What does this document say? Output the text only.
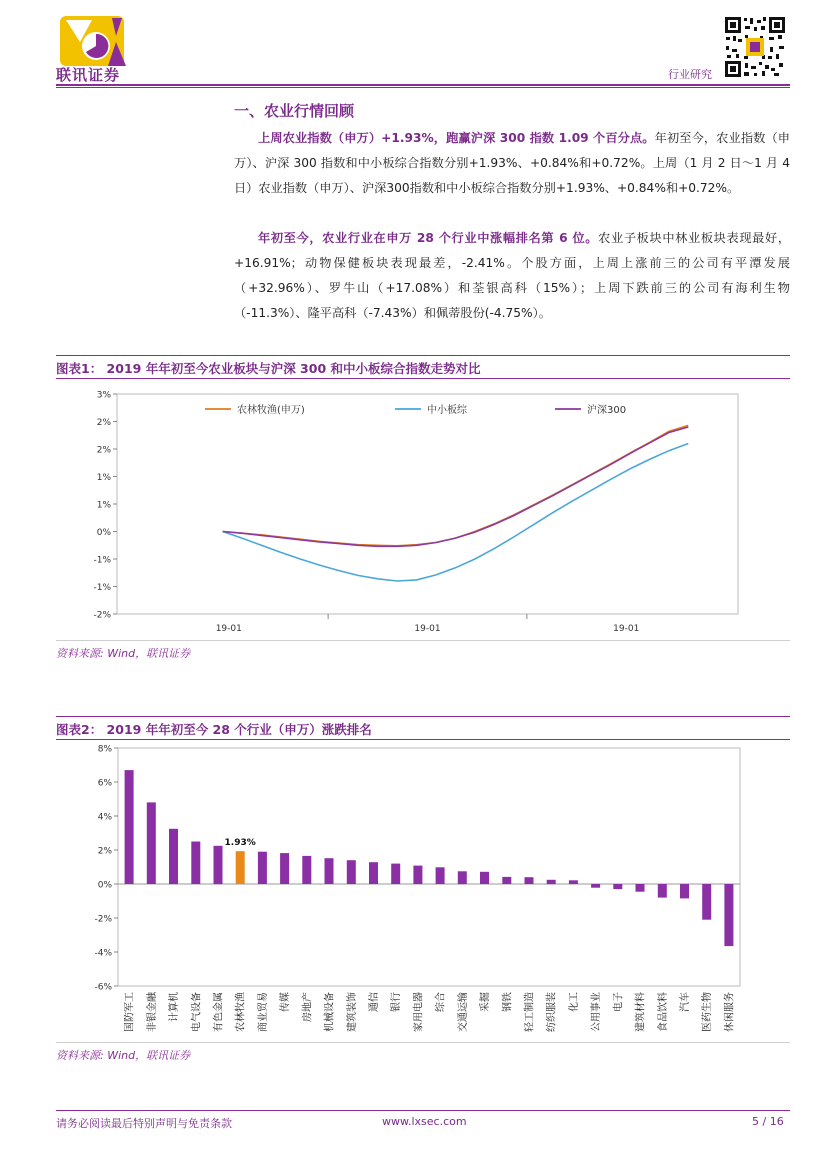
联讯证券	行业研究
一、农业行情回顾
上周农业指数（申万）+1.93%，跑赢沪深 300 指数 1.09 个百分点。年初至今，农业指数（申万）、沪深 300 指数和中小板综合指数分别+1.93%、+0.84%和+0.72%。上周（1 月 2 日～1 月 4 日）农业指数（申万）、沪深300指数和中小板综合指数分别+1.93%、+0.84%和+0.72%。
年初至今，农业行业在申万 28 个行业中涨幅排名第 6 位。农业子板块中林业板块表现最好，+16.91%；动物保健板块表现最差，-2.41%。个股方面，上周上涨前三的公司有平潭发展（+32.96%）、罗牛山（+17.08%）和荃银高科（15%）；上周下跌前三的公司有海利生物（-11.3%）、隆平高科（-7.43%）和佩蒂股份(-4.75%）。
图表1： 2019 年年初至今农业板块与沪深 300 和中小板综合指数走势对比
3%
2%
2%
1%
1%
0%
-1%
-1%
-2%
19-01	19-01	19-01
农林牧渔(申万)	中小板综	沪深300
资料来源: Wind，联讯证券
图表2： 2019 年年初至今 28 个行业（申万）涨跌排名
8%
6%
4%
2%
0%
-2%
-4%
-6%
国防军工 非银金融 计算机 电气设备 有色金属
1.93%
农林牧渔 商业贸易 传媒 房地产 机械设备 建筑装饰 通信 银行 家用电器 综合 交通运输 采掘 钢铁 轻工制造 纺织服装 化工 公用事业 电子 建筑材料 食品饮料 汽车 医药生物 休闲服务
资料来源: Wind，联讯证券
请务必阅读最后特别声明与免责条款	www.lxsec.com	5 / 16
